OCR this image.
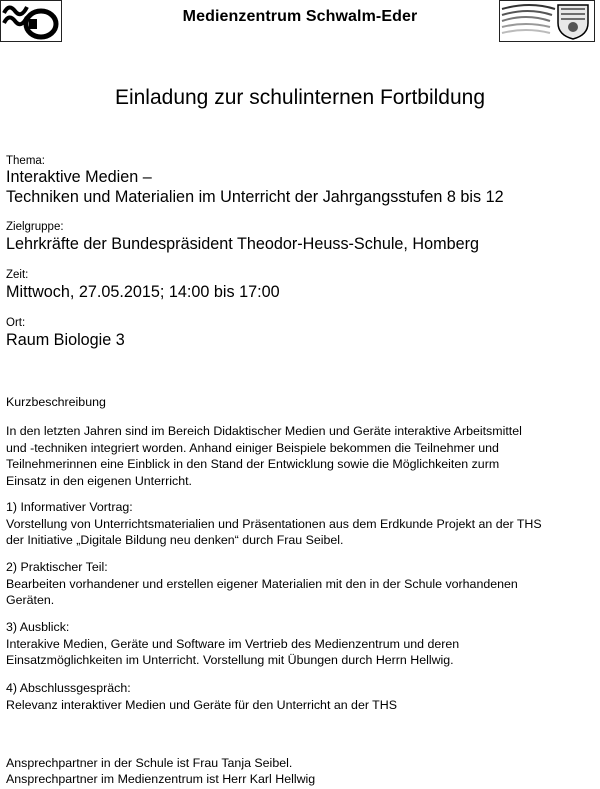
Medienzentrum Schwalm-Eder
Einladung zur schulinternen Fortbildung
Thema:
Interaktive Medien –
Techniken und Materialien im Unterricht der Jahrgangsstufen 8 bis 12
Zielgruppe:
Lehrkräfte der Bundespräsident Theodor-Heuss-Schule, Homberg
Zeit:
Mittwoch, 27.05.2015; 14:00 bis 17:00
Ort:
Raum Biologie 3
Kurzbeschreibung
In den letzten Jahren sind im Bereich Didaktischer Medien und Geräte interaktive Arbeitsmittel
und -techniken integriert worden. Anhand einiger Beispiele bekommen die Teilnehmer und
Teilnehmerinnen eine Einblick in den Stand der Entwicklung sowie die Möglichkeiten zurm
Einsatz in den eigenen Unterricht.
1) Informativer Vortrag:
Vorstellung von Unterrichtsmaterialien und Präsentationen aus dem Erdkunde Projekt an der THS
der Initiative „Digitale Bildung neu denken“ durch Frau Seibel.
2) Praktischer Teil:
Bearbeiten vorhandener und erstellen eigener Materialien mit den in der Schule vorhandenen
Geräten.
3) Ausblick:
Interakive Medien, Geräte und Software im Vertrieb des Medienzentrum und deren
Einsatzmöglichkeiten im Unterricht. Vorstellung mit Übungen durch Herrn Hellwig.
4) Abschlussgespräch:
Relevanz interaktiver Medien und Geräte für den Unterricht an der THS
Ansprechpartner in der Schule ist Frau Tanja Seibel.
Ansprechpartner im Medienzentrum ist Herr Karl Hellwig
